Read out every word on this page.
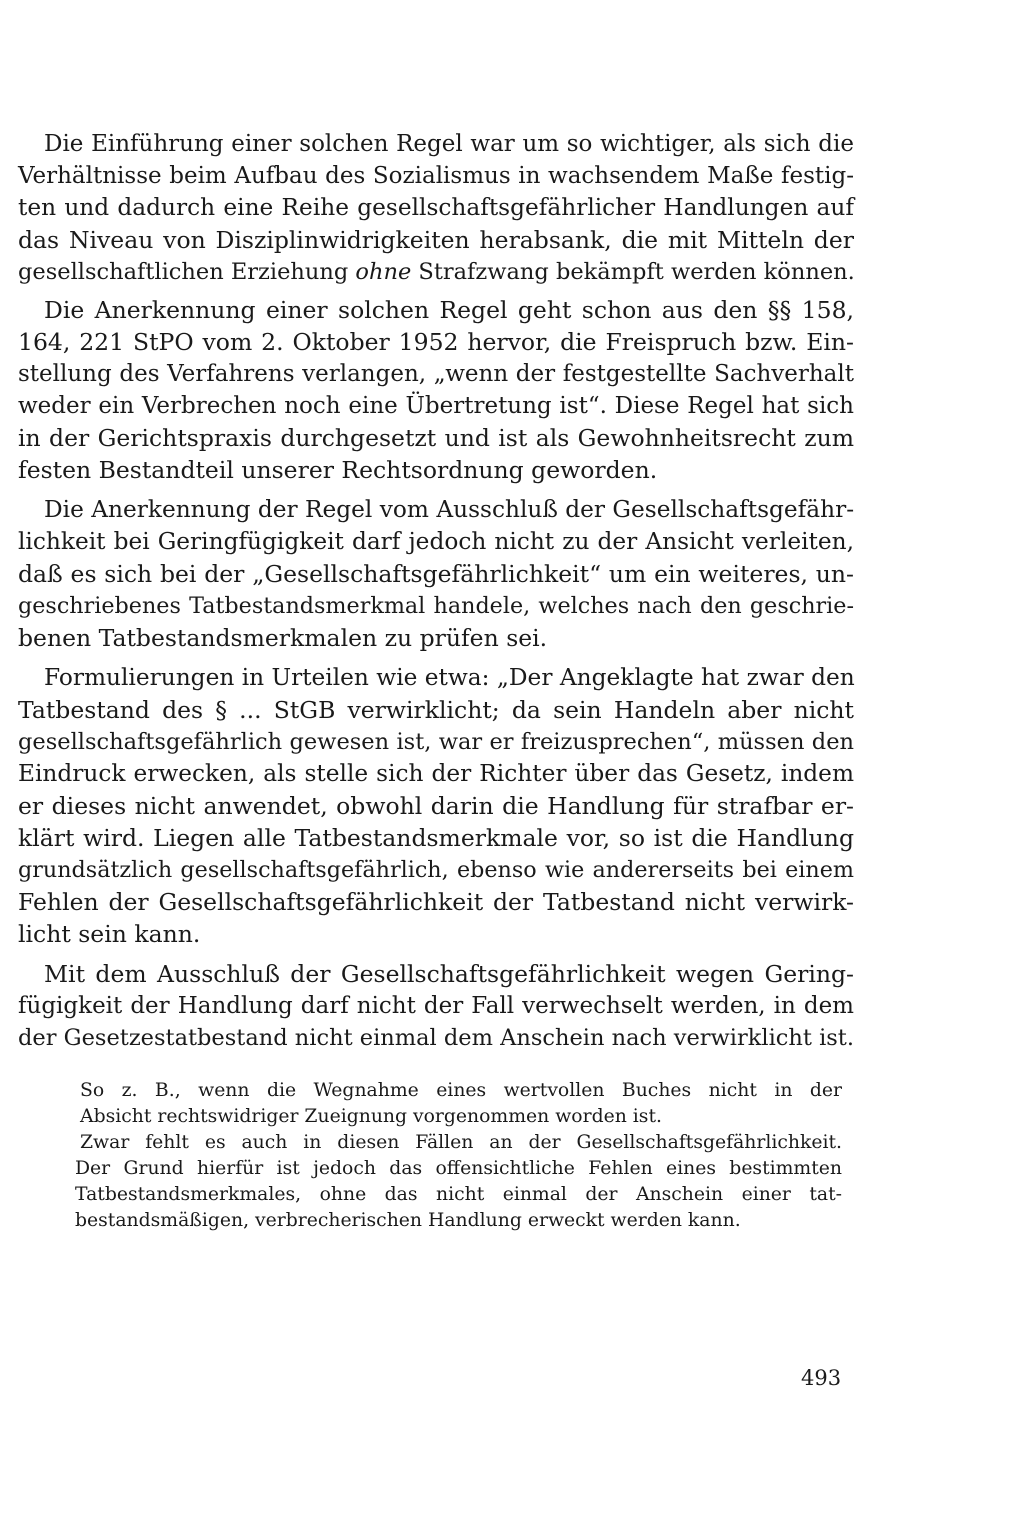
Die Einführung einer solchen Regel war um so wichtiger, als sich die
Verhältnisse beim Aufbau des Sozialismus in wachsendem Maße festig-
ten und dadurch eine Reihe gesellschaftsgefährlicher Handlungen auf
das Niveau von Disziplinwidrigkeiten herabsank, die mit Mitteln der
gesellschaftlichen Erziehung ohne Strafzwang bekämpft werden können.
Die Anerkennung einer solchen Regel geht schon aus den §§ 158,
164, 221 StPO vom 2. Oktober 1952 hervor, die Freispruch bzw. Ein-
stellung des Verfahrens verlangen, „wenn der festgestellte Sachverhalt
weder ein Verbrechen noch eine Übertretung ist“. Diese Regel hat sich
in der Gerichtspraxis durchgesetzt und ist als Gewohnheitsrecht zum
festen Bestandteil unserer Rechtsordnung geworden.
Die Anerkennung der Regel vom Ausschluß der Gesellschaftsgefähr-
lichkeit bei Geringfügigkeit darf jedoch nicht zu der Ansicht verleiten,
daß es sich bei der „Gesellschaftsgefährlichkeit“ um ein weiteres, un-
geschriebenes Tatbestandsmerkmal handele, welches nach den geschrie-
benen Tatbestandsmerkmalen zu prüfen sei.
Formulierungen in Urteilen wie etwa: „Der Angeklagte hat zwar den
Tatbestand des § ... StGB verwirklicht; da sein Handeln aber nicht
gesellschaftsgefährlich gewesen ist, war er freizusprechen“, müssen den
Eindruck erwecken, als stelle sich der Richter über das Gesetz, indem
er dieses nicht anwendet, obwohl darin die Handlung für strafbar er-
klärt wird. Liegen alle Tatbestandsmerkmale vor, so ist die Handlung
grundsätzlich gesellschaftsgefährlich, ebenso wie andererseits bei einem
Fehlen der Gesellschaftsgefährlichkeit der Tatbestand nicht verwirk-
licht sein kann.
Mit dem Ausschluß der Gesellschaftsgefährlichkeit wegen Gering-
fügigkeit der Handlung darf nicht der Fall verwechselt werden, in dem
der Gesetzestatbestand nicht einmal dem Anschein nach verwirklicht ist.
So z. B., wenn die Wegnahme eines wertvollen Buches nicht in der
Absicht rechtswidriger Zueignung vorgenommen worden ist.
Zwar fehlt es auch in diesen Fällen an der Gesellschaftsgefährlichkeit.
Der Grund hierfür ist jedoch das offensichtliche Fehlen eines bestimmten
Tatbestandsmerkmales, ohne das nicht einmal der Anschein einer tat-
bestandsmäßigen, verbrecherischen Handlung erweckt werden kann.
493
